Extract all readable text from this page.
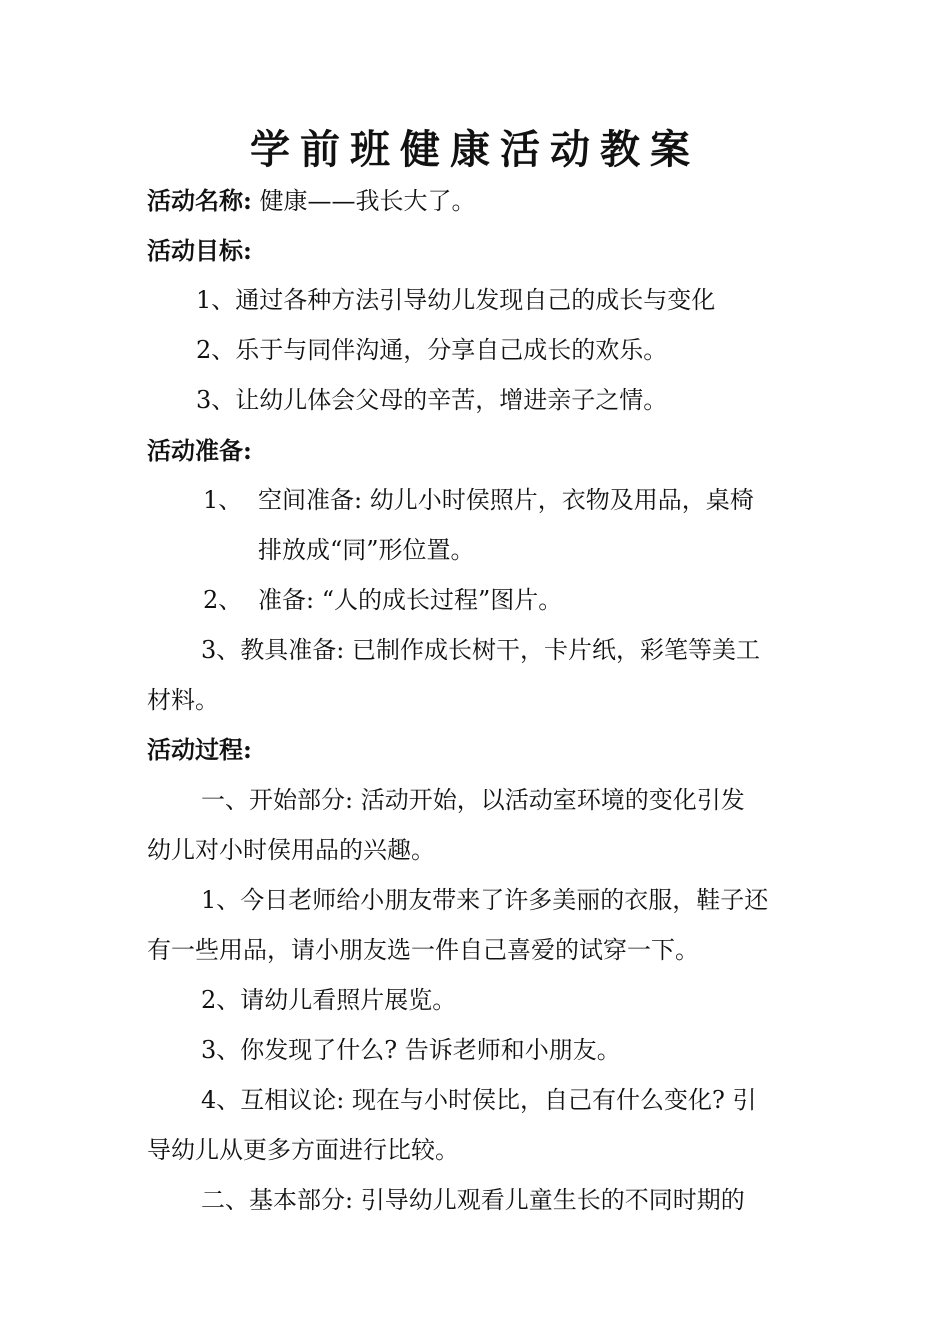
学前班健康活动教案
活动名称: 健康——我长大了。
活动目标:
1、通过各种方法引导幼儿发现自己的成长与变化
2、乐于与同伴沟通，分享自己成长的欢乐。
3、让幼儿体会父母的辛苦，增进亲子之情。
活动准备:
1、 空间准备: 幼儿小时侯照片，衣物及用品，桌椅
排放成“同”形位置。
2、 准备: “人的成长过程”图片。
3、教具准备: 已制作成长树干，卡片纸，彩笔等美工
材料。
活动过程:
一、开始部分: 活动开始，以活动室环境的变化引发
幼儿对小时侯用品的兴趣。
1、今日老师给小朋友带来了许多美丽的衣服，鞋子还
有一些用品，请小朋友选一件自己喜爱的试穿一下。
2、请幼儿看照片展览。
3、你发现了什么? 告诉老师和小朋友。
4、互相议论: 现在与小时侯比，自己有什么变化? 引
导幼儿从更多方面进行比较。
二、基本部分: 引导幼儿观看儿童生长的不同时期的
